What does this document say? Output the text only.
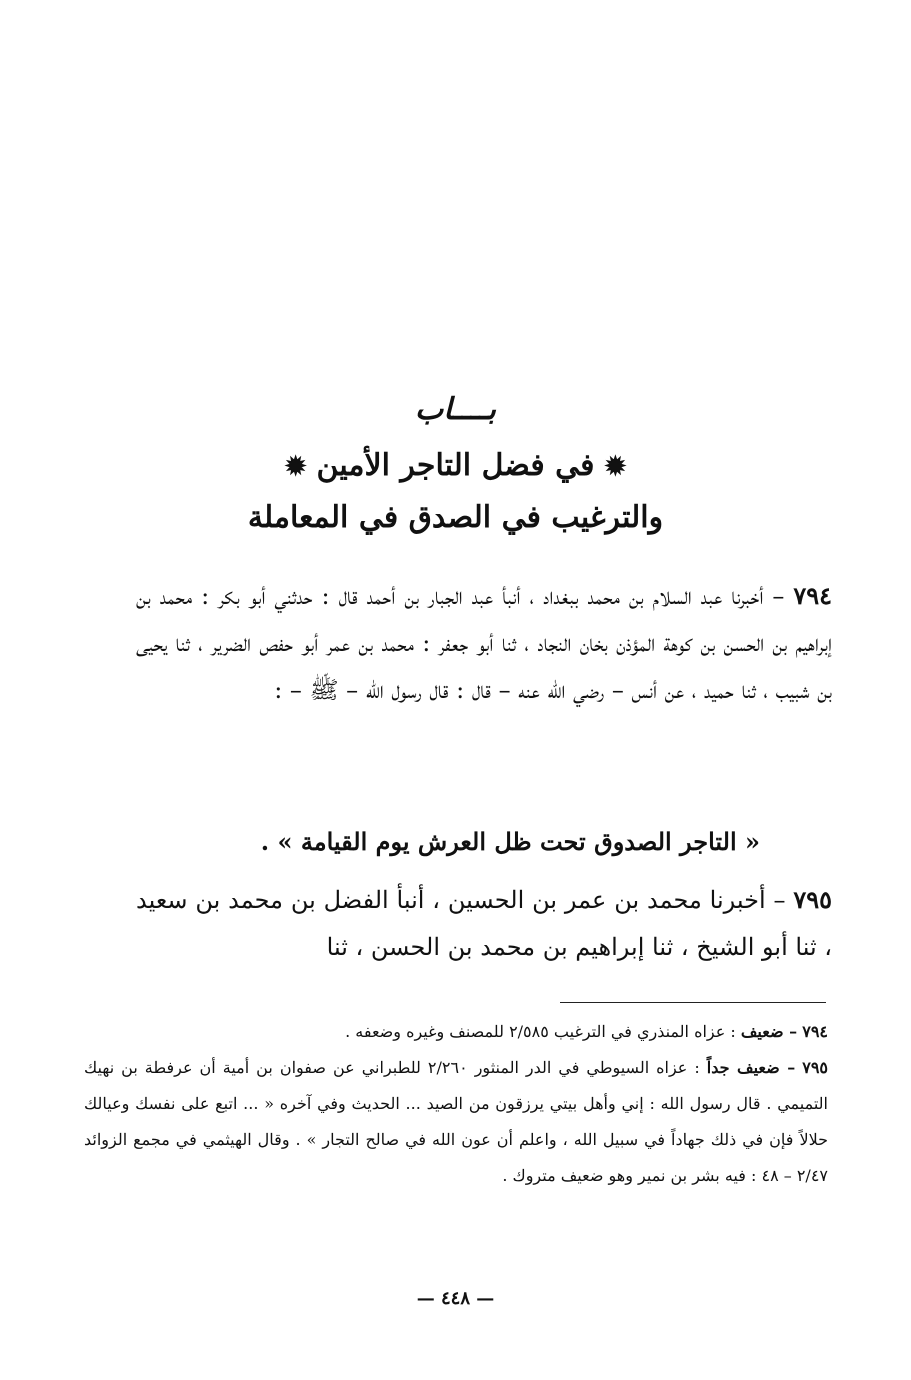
بــــاب
✹في فضل التاجر الأمين✹
والترغيب في الصدق في المعاملة
٧٩٤ – أخبرنا عبد السلام بن محمد ببغداد ، أنبأ عبد الجبار بن أحمد قال : حدثني أبو بكر : محمد بن إبراهيم بن الحسن بن كوهة المؤذن بخان النجاد ، ثنا أبو جعفر : محمد بن عمر أبو حفص الضرير ، ثنا يحيى بن شبيب ، ثنا حميد ، عن أنس – رضي الله عنه – قال : قال رسول الله – ﷺ – :
« التاجر الصدوق تحت ظل العرش يوم القيامة » .
٧٩٥ – أخبرنا محمد بن عمر بن الحسين ، أنبأ الفضل بن محمد بن سعيد ، ثنا أبو الشيخ ، ثنا إبراهيم بن محمد بن الحسن ، ثنا

٧٩٤ – ضعيف : عزاه المنذري في الترغيب ٢/٥٨٥ للمصنف وغيره وضعفه .

٧٩٥ – ضعيف جداً : عزاه السيوطي في الدر المنثور ٢/٢٦٠ للطبراني عن صفوان بن أمية أن عرفطة بن نهيك التميمي . قال رسول الله : إني وأهل بيتي يرزقون من الصيد ... الحديث وفي آخره « ... اتبع على نفسك وعيالك حلالاً فإن في ذلك جهاداً في سبيل الله ، واعلم أن عون الله في صالح التجار » . وقال الهيثمي في مجمع الزوائد ٢/٤٧ – ٤٨ : فيه بشر بن نمير وهو ضعيف متروك .

— ٤٤٨ —
